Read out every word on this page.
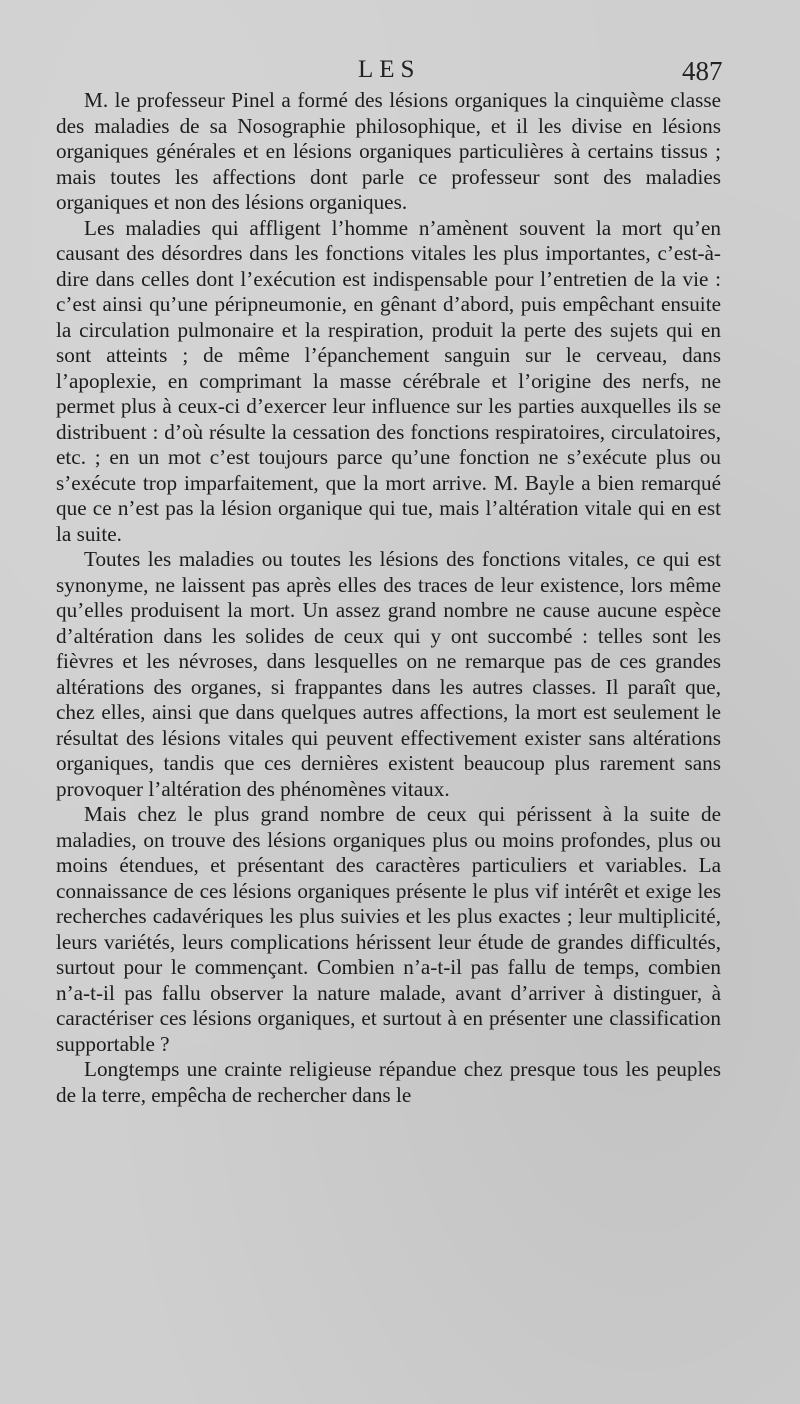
LES	487

M. le professeur Pinel a formé des lésions organiques la cinquième classe des maladies de sa Nosographie philosophique, et il les divise en lésions organiques générales et en lésions organiques particulières à certains tissus ; mais toutes les affections dont parle ce professeur sont des maladies organiques et non des lésions organiques.

Les maladies qui affligent l’homme n’amènent souvent la mort qu’en causant des désordres dans les fonctions vitales les plus importantes, c’est-à-dire dans celles dont l’exécution est indispensable pour l’entretien de la vie : c’est ainsi qu’une péripneumonie, en gênant d’abord, puis empêchant ensuite la circulation pulmonaire et la respiration, produit la perte des sujets qui en sont atteints ; de même l’épanchement sanguin sur le cerveau, dans l’apoplexie, en comprimant la masse cérébrale et l’origine des nerfs, ne permet plus à ceux-ci d’exercer leur influence sur les parties auxquelles ils se distribuent : d’où résulte la cessation des fonctions respiratoires, circulatoires, etc. ; en un mot c’est toujours parce qu’une fonction ne s’exécute plus ou s’exécute trop imparfaitement, que la mort arrive. M. Bayle a bien remarqué que ce n’est pas la lésion organique qui tue, mais l’altération vitale qui en est la suite.

Toutes les maladies ou toutes les lésions des fonctions vitales, ce qui est synonyme, ne laissent pas après elles des traces de leur existence, lors même qu’elles produisent la mort. Un assez grand nombre ne cause aucune espèce d’altération dans les solides de ceux qui y ont succombé : telles sont les fièvres et les névroses, dans lesquelles on ne remarque pas de ces grandes altérations des organes, si frappantes dans les autres classes. Il paraît que, chez elles, ainsi que dans quelques autres affections, la mort est seulement le résultat des lésions vitales qui peuvent effectivement exister sans altérations organiques, tandis que ces dernières existent beaucoup plus rarement sans provoquer l’altération des phénomènes vitaux.

Mais chez le plus grand nombre de ceux qui périssent à la suite de maladies, on trouve des lésions organiques plus ou moins profondes, plus ou moins étendues, et présentant des caractères particuliers et variables. La connaissance de ces lésions organiques présente le plus vif intérêt et exige les recherches cadavériques les plus suivies et les plus exactes ; leur multiplicité, leurs variétés, leurs complications hérissent leur étude de grandes difficultés, surtout pour le commençant. Combien n’a-t-il pas fallu de temps, combien n’a-t-il pas fallu observer la nature malade, avant d’arriver à distinguer, à caractériser ces lésions organiques, et surtout à en présenter une classification supportable ?

Longtemps une crainte religieuse répandue chez presque tous les peuples de la terre, empêcha de rechercher dans le
